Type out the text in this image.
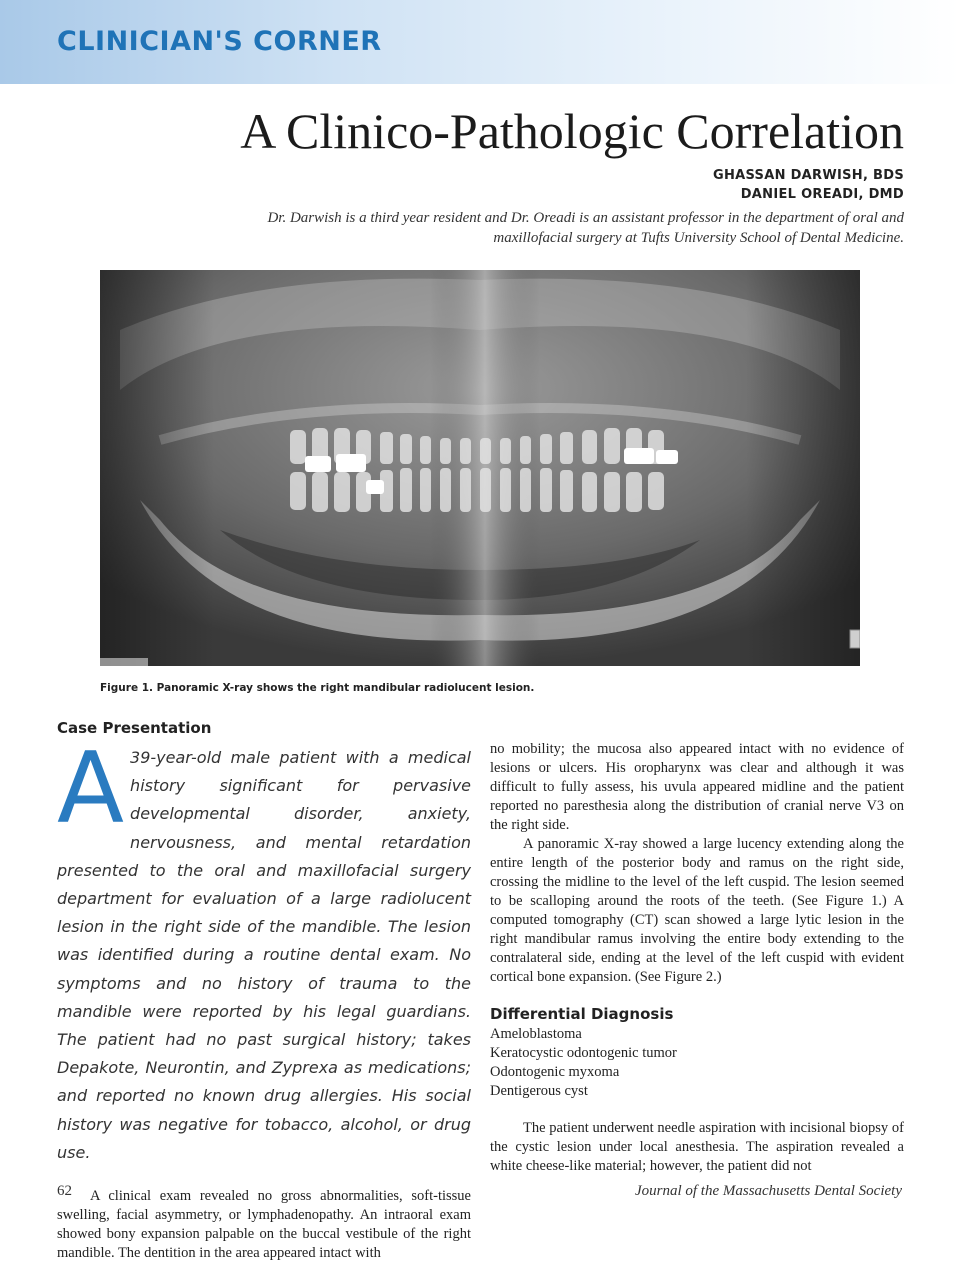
CLINICIAN'S CORNER

A Clinico-Pathologic Correlation

GHASSAN DARWISH, BDS

DANIEL OREADI, DMD

Dr. Darwish is a third year resident and Dr. Oreadi is an assistant professor in the department of oral and maxillofacial surgery at Tufts University School of Dental Medicine.

Figure 1. Panoramic X-ray shows the right mandibular radiolucent lesion.

Case Presentation
A 39-year-old male patient with a medical history significant for pervasive developmental disorder, anxiety, nervousness, and mental retardation presented to the oral and maxillofacial surgery department for evaluation of a large radiolucent lesion in the right side of the mandible. The lesion was identified during a routine dental exam. No symptoms and no history of trauma to the mandible were reported by his legal guardians. The patient had no past surgical history; takes Depakote, Neurontin, and Zyprexa as medications; and reported no known drug allergies. His social history was negative for tobacco, alcohol, or drug use.

A clinical exam revealed no gross abnormalities, soft-tissue swelling, facial asymmetry, or lymphadenopathy. An intraoral exam showed bony expansion palpable on the buccal vestibule of the right mandible. The dentition in the area appeared intact with

no mobility; the mucosa also appeared intact with no evidence of lesions or ulcers. His oropharynx was clear and although it was difficult to fully assess, his uvula appeared midline and the patient reported no paresthesia along the distribution of cranial nerve V3 on the right side.

A panoramic X-ray showed a large lucency extending along the entire length of the posterior body and ramus on the right side, crossing the midline to the level of the left cuspid. The lesion seemed to be scalloping around the roots of the teeth. (See Figure 1.) A computed tomography (CT) scan showed a large lytic lesion in the right mandibular ramus involving the entire body extending to the contralateral side, ending at the level of the left cuspid with evident cortical bone expansion. (See Figure 2.)

Differential Diagnosis
Ameloblastoma
Keratocystic odontogenic tumor
Odontogenic myxoma
Dentigerous cyst

The patient underwent needle aspiration with incisional biopsy of the cystic lesion under local anesthesia. The aspiration revealed a white cheese-like material; however, the patient did not

62	Journal of the Massachusetts Dental Society
